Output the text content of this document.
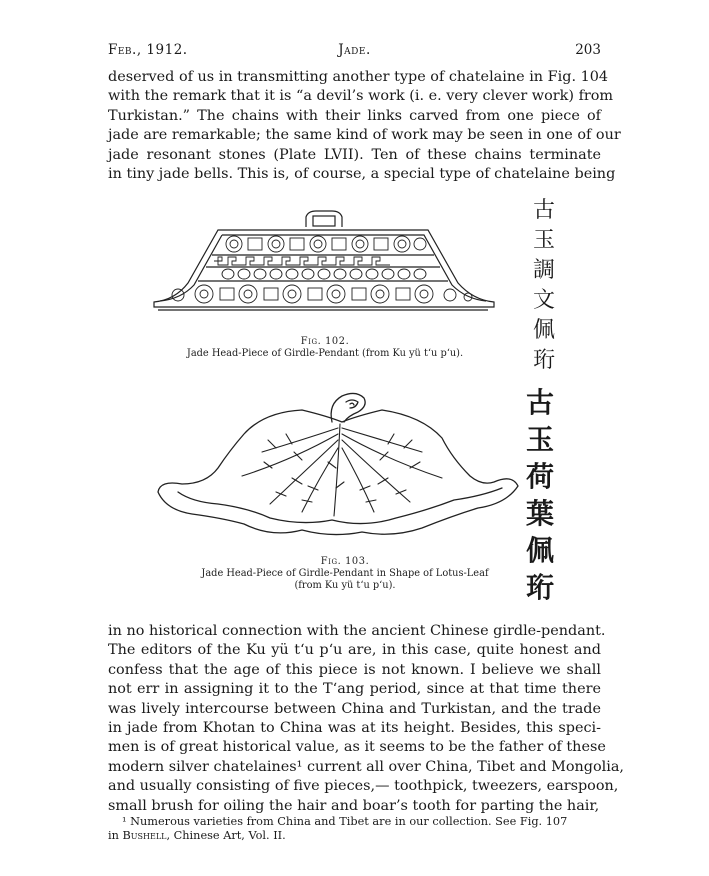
Feb., 1912.	Jade.	203
deserved of us in transmitting another type of chatelaine in Fig. 104
with the remark that it is “a devil’s work (i. e. very clever work) from
Turkistan.” The chains with their links carved from one piece of
jade are remarkable; the same kind of work may be seen in one of our
jade resonant stones (Plate LVII). Ten of these chains terminate
in tiny jade bells. This is, of course, a special type of chatelaine being
Fig. 102.
Jade Head-Piece of Girdle-Pendant (from Ku yü t‘u p‘u).
古
玉
調
文
佩
珩
Fig. 103.
Jade Head-Piece of Girdle-Pendant in Shape of Lotus-Leaf
(from Ku yü t‘u p‘u).
古
玉
荷
葉
佩
珩
in no historical connection with the ancient Chinese girdle-pendant.
The editors of the Ku yü t‘u p‘u are, in this case, quite honest and
confess that the age of this piece is not known. I believe we shall
not err in assigning it to the T‘ang period, since at that time there
was lively intercourse between China and Turkistan, and the trade
in jade from Khotan to China was at its height. Besides, this speci-
men is of great historical value, as it seems to be the father of these
modern silver chatelaines¹ current all over China, Tibet and Mongolia,
and usually consisting of five pieces,— toothpick, tweezers, earspoon,
small brush for oiling the hair and boar’s tooth for parting the hair,
¹ Numerous varieties from China and Tibet are in our collection. See Fig. 107
in Bushell, Chinese Art, Vol. II.
